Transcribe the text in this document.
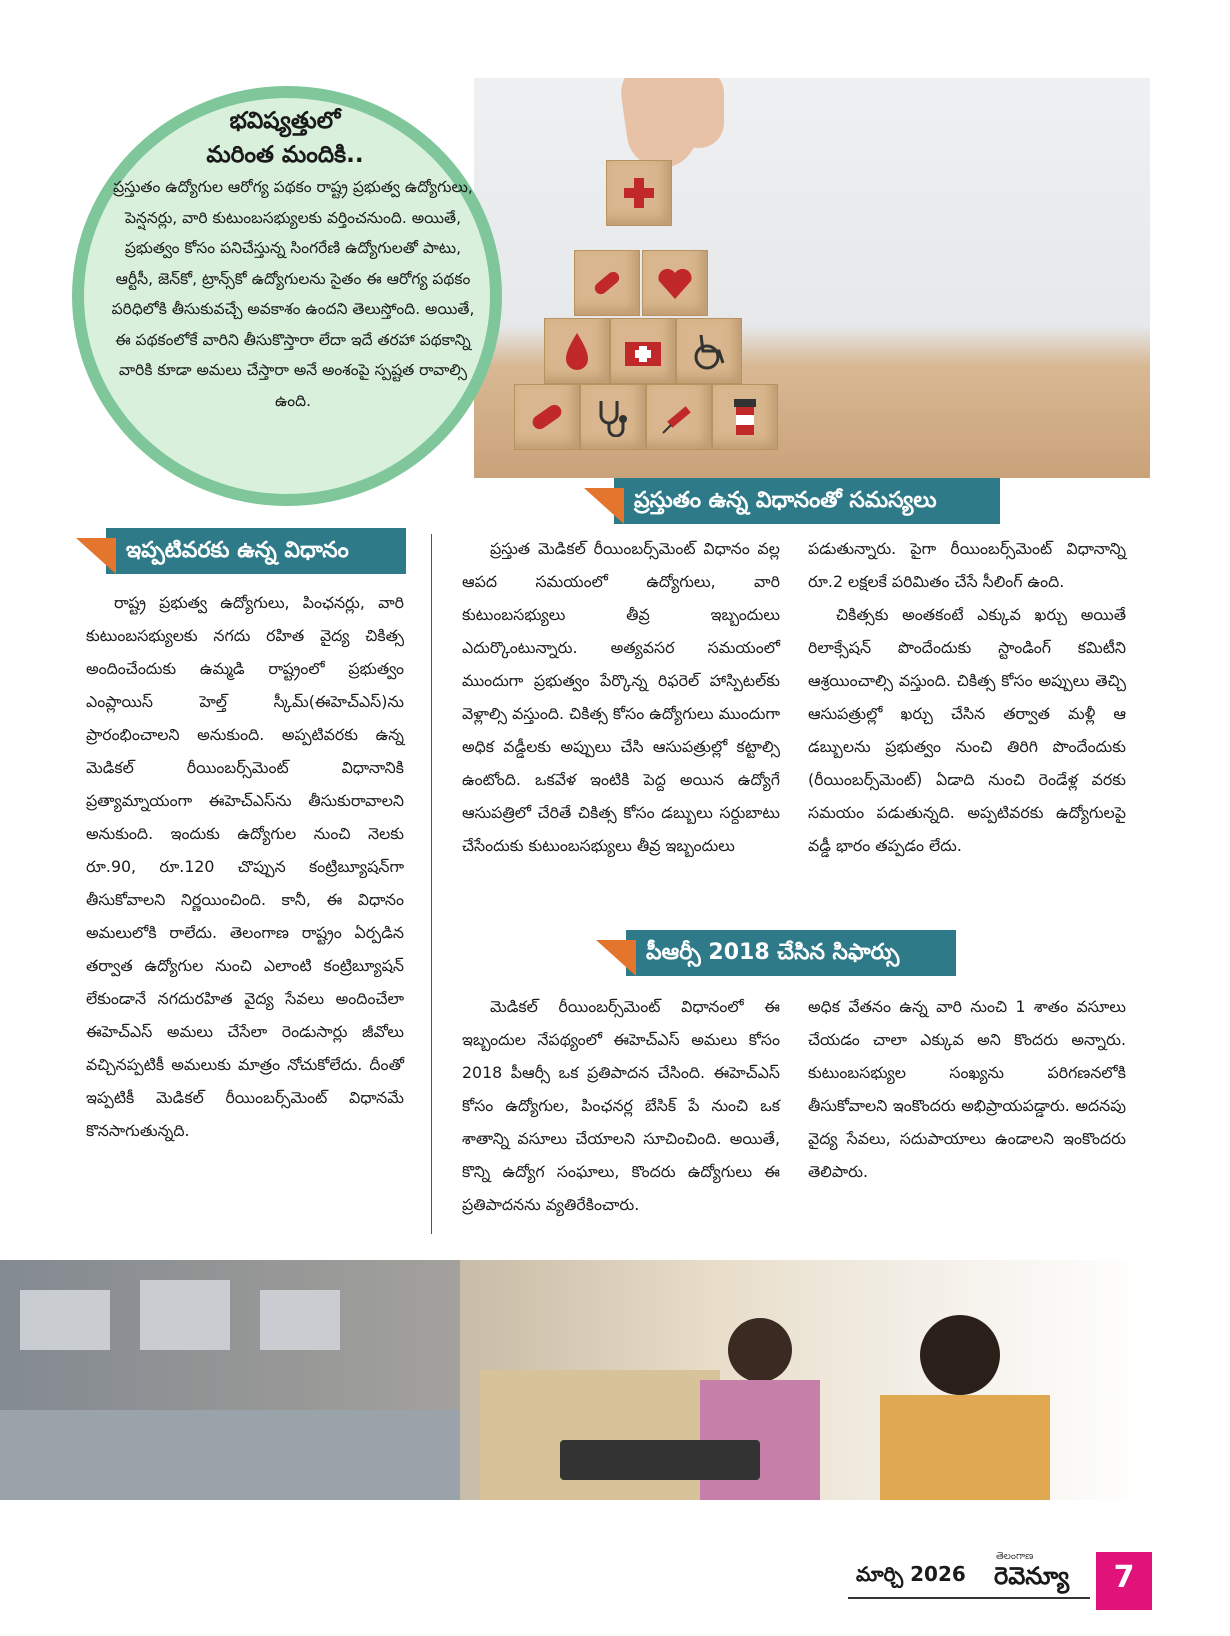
భవిష్యత్తులో
మరింత మందికి..
ప్రస్తుతం ఉద్యోగుల ఆరోగ్య పథకం రాష్ట్ర ప్రభుత్వ ఉద్యోగులు, పెన్షనర్లు, వారి కుటుంబసభ్యులకు వర్తించనుంది. అయితే, ప్రభుత్వం కోసం పనిచేస్తున్న సింగరేణి ఉద్యోగులతో పాటు, ఆర్టీసీ, జెన్‌కో, ట్రాన్స్‌కో ఉద్యోగులను సైతం ఈ ఆరోగ్య పథకం పరిధిలోకి తీసుకువచ్చే అవకాశం ఉందని తెలుస్తోంది. అయితే, ఈ పథకంలోకే వారిని తీసుకొస్తారా లేదా ఇదే తరహా పథకాన్ని వారికి కూడా అమలు చేస్తారా అనే అంశంపై స్పష్టత రావాల్సి ఉంది.
ప్రస్తుతం ఉన్న విధానంతో సమస్యలు
ఇప్పటివరకు ఉన్న విధానం

రాష్ట్ర ప్రభుత్వ ఉద్యోగులు, పింఛనర్లు, వారి కుటుంబసభ్యులకు నగదు రహిత వైద్య చికిత్స అందించేందుకు ఉమ్మడి రాష్ట్రంలో ప్రభుత్వం ఎంప్లాయిస్ హెల్త్ స్కీమ్(ఈహెచ్‌ఎస్)ను ప్రారంభించాలని అనుకుంది. అప్పటివరకు ఉన్న మెడికల్ రీయింబర్స్‌మెంట్ విధానానికి ప్రత్యామ్నాయంగా ఈహెచ్‌ఎస్‌ను తీసుకురావాలని అనుకుంది. ఇందుకు ఉద్యోగుల నుంచి నెలకు రూ.90, రూ.120 చొప్పున కంట్రిబ్యూషన్‌గా తీసుకోవాలని నిర్ణయించింది. కానీ, ఈ విధానం అమలులోకి రాలేదు. తెలంగాణ రాష్ట్రం ఏర్పడిన తర్వాత ఉద్యోగుల నుంచి ఎలాంటి కంట్రిబ్యూషన్ లేకుండానే నగదురహిత వైద్య సేవలు అందించేలా ఈహెచ్‌ఎస్ అమలు చేసేలా రెండుసార్లు జీవోలు వచ్చినప్పటికీ అమలుకు మాత్రం నోచుకోలేదు. దీంతో ఇప్పటికీ మెడికల్ రీయింబర్స్‌మెంట్ విధానమే కొనసాగుతున్నది.

ప్రస్తుత మెడికల్ రీయింబర్స్‌మెంట్ విధానం వల్ల ఆపద సమయంలో ఉద్యోగులు, వారి కుటుంబసభ్యులు తీవ్ర ఇబ్బందులు ఎదుర్కొంటున్నారు. అత్యవసర సమయంలో ముందుగా ప్రభుత్వం పేర్కొన్న రిఫరెల్ హాస్పిటల్‌కు వెళ్లాల్సి వస్తుంది. చికిత్స కోసం ఉద్యోగులు ముందుగా అధిక వడ్డీలకు అప్పులు చేసి ఆసుపత్రుల్లో కట్టాల్సి ఉంటోంది. ఒకవేళ ఇంటికి పెద్ద అయిన ఉద్యోగే ఆసుపత్రిలో చేరితే చికిత్స కోసం డబ్బులు సర్దుబాటు చేసేందుకు కుటుంబసభ్యులు తీవ్ర ఇబ్బందులు

పడుతున్నారు. పైగా రీయింబర్స్‌మెంట్ విధానాన్ని రూ.2 లక్షలకే పరిమితం చేసే సీలింగ్ ఉంది.

చికిత్సకు అంతకంటే ఎక్కువ ఖర్చు అయితే రిలాక్సేషన్ పొందేందుకు స్టాండింగ్ కమిటీని ఆశ్రయించాల్సి వస్తుంది. చికిత్స కోసం అప్పులు తెచ్చి ఆసుపత్రుల్లో ఖర్చు చేసిన తర్వాత మళ్లీ ఆ డబ్బులను ప్రభుత్వం నుంచి తిరిగి పొందేందుకు (రీయింబర్స్‌మెంట్) ఏడాది నుంచి రెండేళ్ల వరకు సమయం పడుతున్నది. అప్పటివరకు ఉద్యోగులపై వడ్డీ భారం తప్పడం లేదు.

పీఆర్సీ 2018 చేసిన సిఫార్సు

మెడికల్ రీయింబర్స్‌మెంట్ విధానంలో ఈ ఇబ్బందుల నేపథ్యంలో ఈహెచ్‌ఎస్ అమలు కోసం 2018 పీఆర్సీ ఒక ప్రతిపాదన చేసింది. ఈహెచ్‌ఎస్ కోసం ఉద్యోగుల, పింఛనర్ల బేసిక్ పే నుంచి ఒక శాతాన్ని వసూలు చేయాలని సూచించింది. అయితే, కొన్ని ఉద్యోగ సంఘాలు, కొందరు ఉద్యోగులు ఈ ప్రతిపాదనను వ్యతిరేకించారు.

అధిక వేతనం ఉన్న వారి నుంచి 1 శాతం వసూలు చేయడం చాలా ఎక్కువ అని కొందరు అన్నారు. కుటుంబసభ్యుల సంఖ్యను పరిగణనలోకి తీసుకోవాలని ఇంకొందరు అభిప్రాయపడ్డారు. అదనపు వైద్య సేవలు, సదుపాయాలు ఉండాలని ఇంకొందరు తెలిపారు.

మార్చి 2026
తెలంగాణ
రెవెన్యూ	7
